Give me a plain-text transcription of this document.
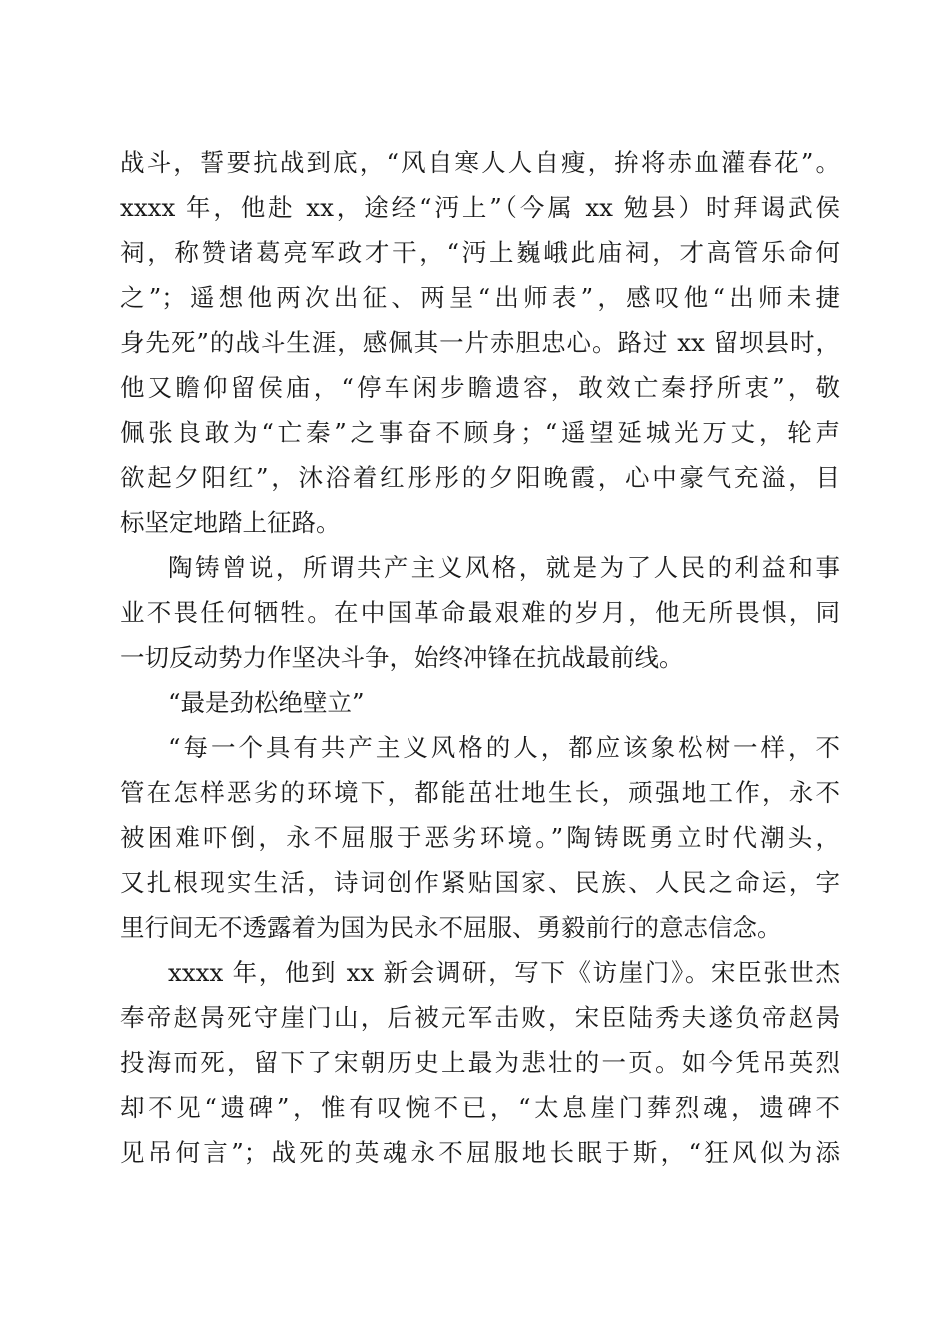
战斗，誓要抗战到底，“风自寒人人自瘦，拚将赤血灌春花”。

xxxx 年，他赴 xx，途经“沔上”（今属 xx 勉县）时拜谒武侯

祠，称赞诸葛亮军政才干，“沔上巍峨此庙祠，才高管乐命何

之”；遥想他两次出征、两呈“出师表”，感叹他“出师未捷

身先死”的战斗生涯，感佩其一片赤胆忠心。路过 xx 留坝县时，

他又瞻仰留侯庙，“停车闲步瞻遗容，敢效亡秦抒所衷”，敬

佩张良敢为“亡秦”之事奋不顾身；“遥望延城光万丈，轮声

欲起夕阳红”，沐浴着红彤彤的夕阳晚霞，心中豪气充溢，目

标坚定地踏上征路。

陶铸曾说，所谓共产主义风格，就是为了人民的利益和事

业不畏任何牺牲。在中国革命最艰难的岁月，他无所畏惧，同

一切反动势力作坚决斗争，始终冲锋在抗战最前线。

“最是劲松绝壁立”

“每一个具有共产主义风格的人，都应该象松树一样，不

管在怎样恶劣的环境下，都能茁壮地生长，顽强地工作，永不

被困难吓倒，永不屈服于恶劣环境。”陶铸既勇立时代潮头，

又扎根现实生活，诗词创作紧贴国家、民族、人民之命运，字

里行间无不透露着为国为民永不屈服、勇毅前行的意志信念。

xxxx 年，他到 xx 新会调研，写下《访崖门》。宋臣张世杰

奉帝赵昺死守崖门山，后被元军击败，宋臣陆秀夫遂负帝赵昺

投海而死，留下了宋朝历史上最为悲壮的一页。如今凭吊英烈

却不见“遗碑”，惟有叹惋不已，“太息崖门葬烈魂，遗碑不

见吊何言”；战死的英魂永不屈服地长眠于斯，“狂风似为添
